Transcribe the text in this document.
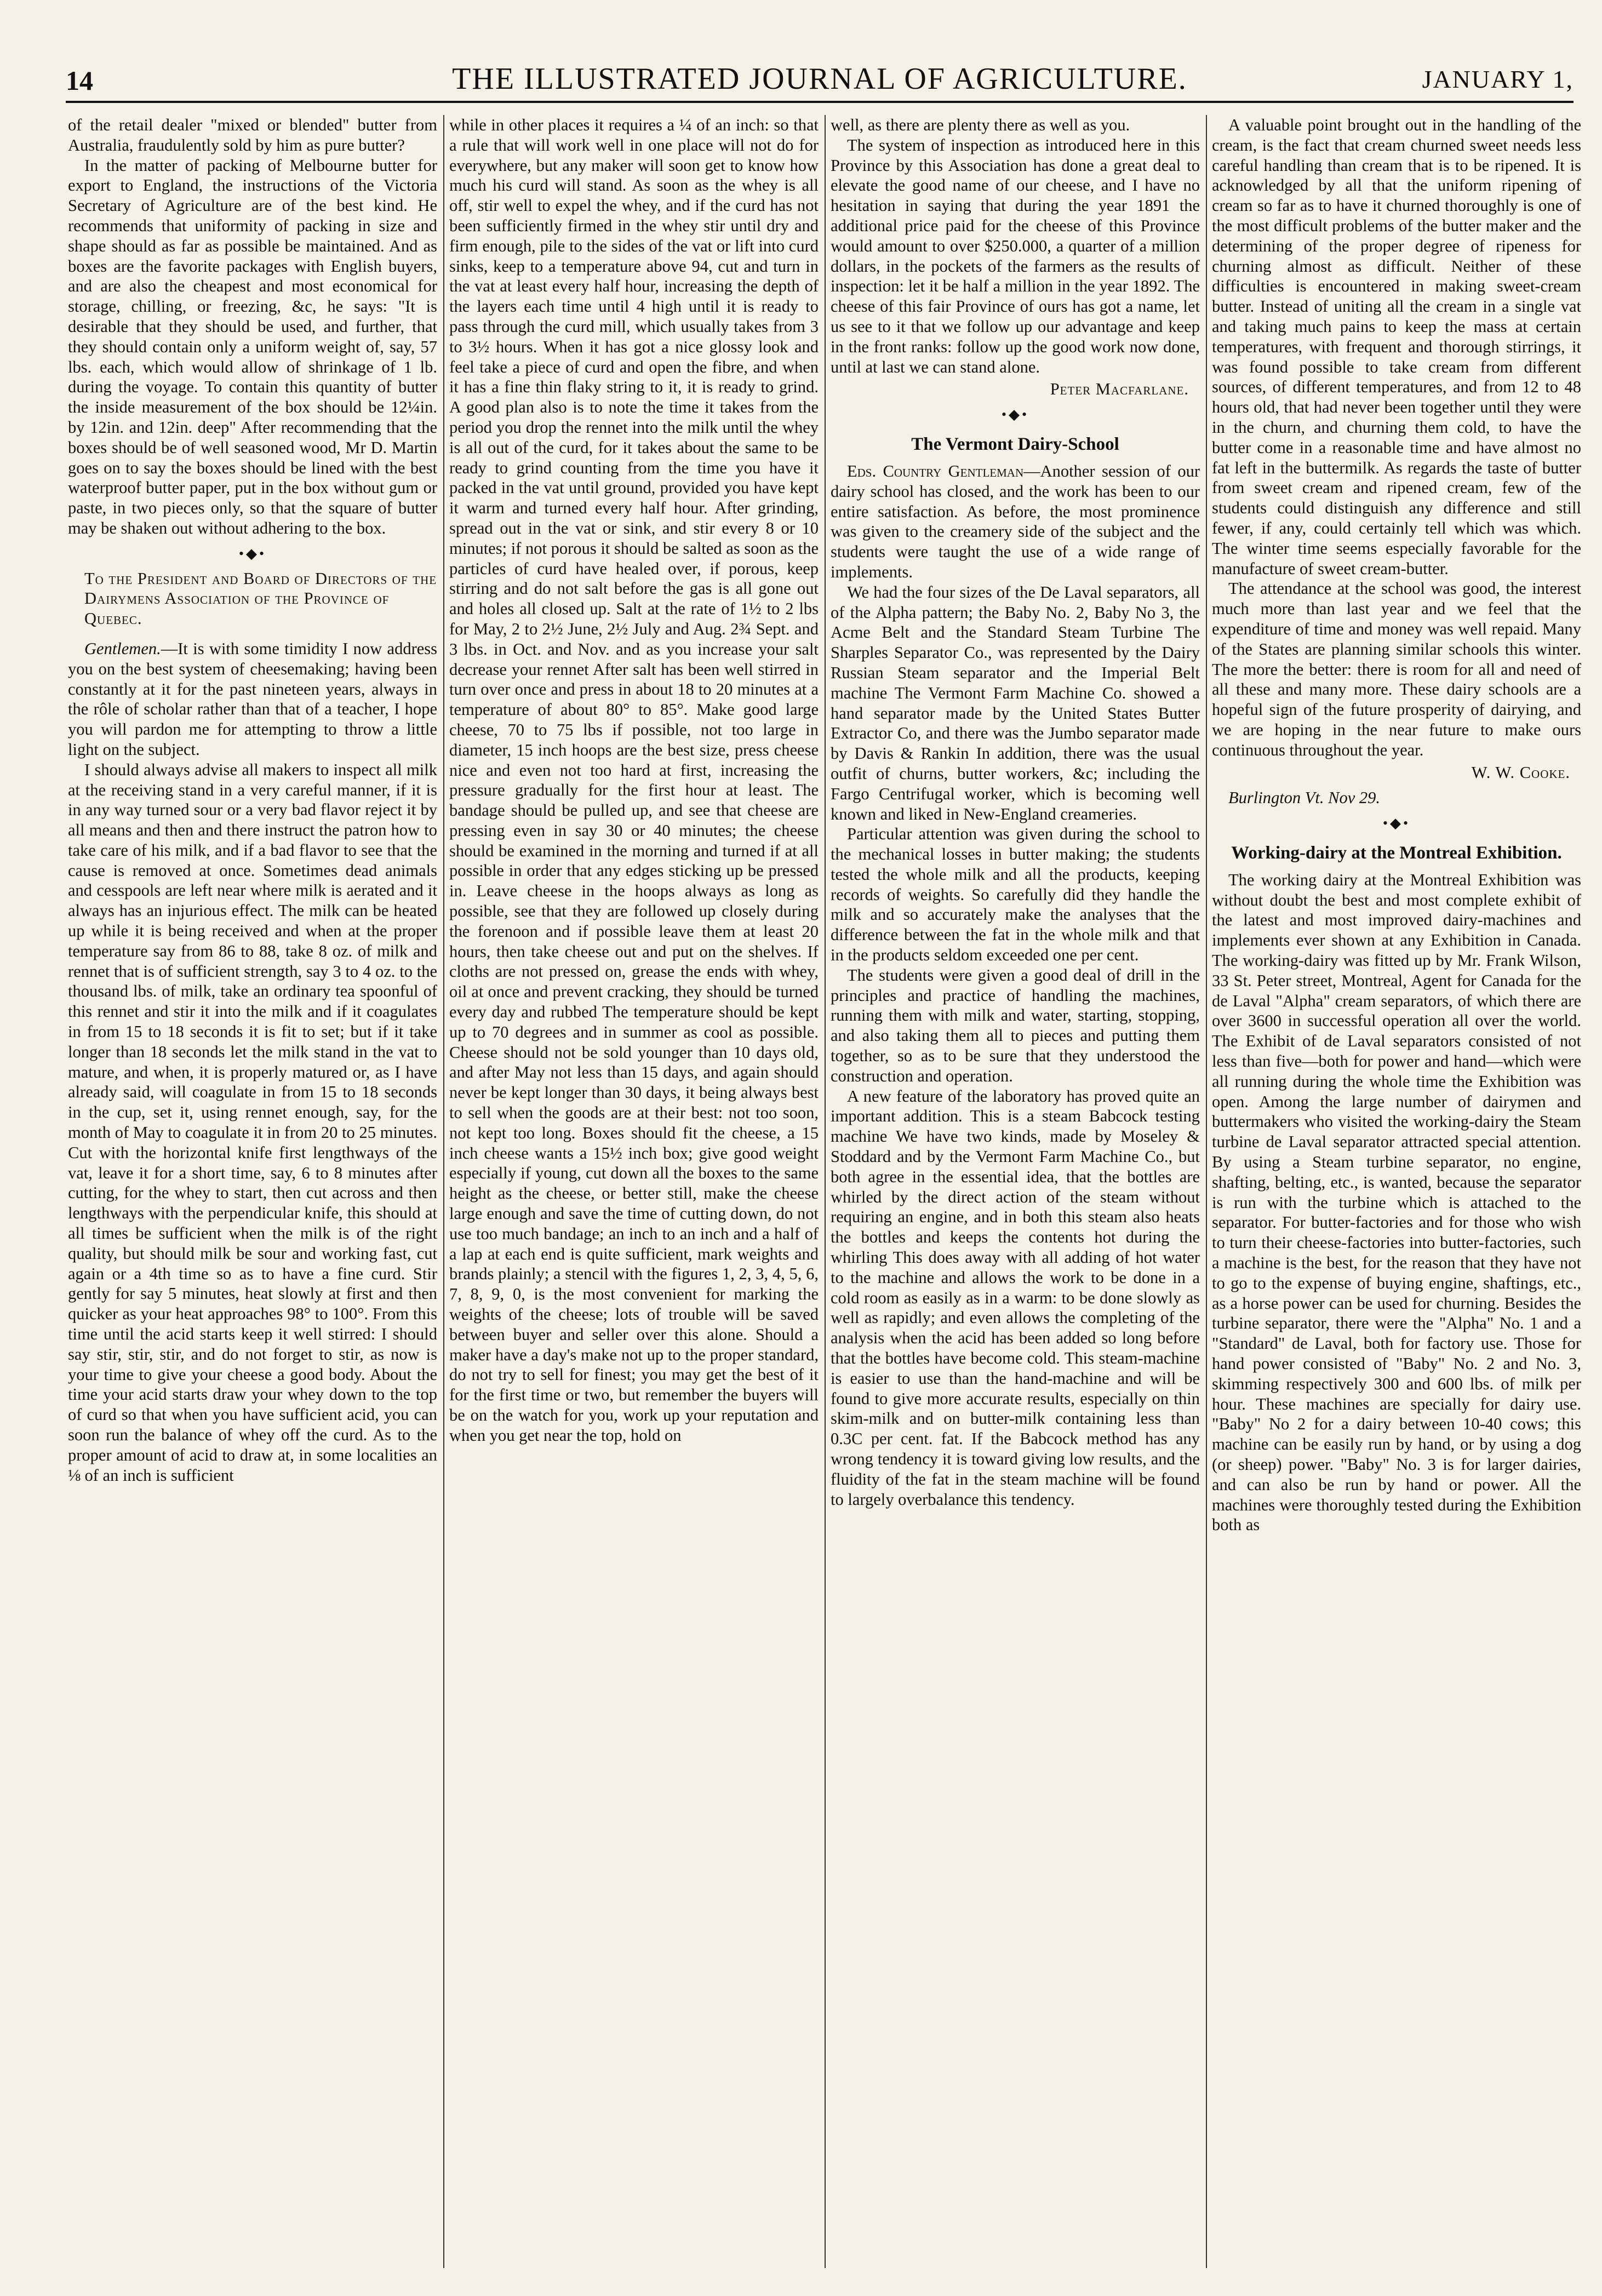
14	THE ILLUSTRATED JOURNAL OF AGRICULTURE.	JANUARY 1,

of the retail dealer "mixed or blended" butter from Australia, fraudulently sold by him as pure butter?

In the matter of packing of Melbourne butter for export to England, the instructions of the Victoria Secretary of Agriculture are of the best kind. He recommends that uniformity of packing in size and shape should as far as possible be maintained. And as boxes are the favorite packages with English buyers, and are also the cheapest and most economical for storage, chilling, or freezing, &c, he says: "It is desirable that they should be used, and further, that they should contain only a uniform weight of, say, 57 lbs. each, which would allow of shrinkage of 1 lb. during the voyage. To contain this quantity of butter the inside measurement of the box should be 12¼in. by 12in. and 12in. deep" After recommending that the boxes should be of well seasoned wood, Mr D. Martin goes on to say the boxes should be lined with the best waterproof butter paper, put in the box without gum or paste, in two pieces only, so that the square of butter may be shaken out without adhering to the box.

•◆•

To the President and Board of Directors of the Dairymens Association of the Province of Quebec.

Gentlemen.—It is with some timidity I now address you on the best system of cheesemaking; having been constantly at it for the past nineteen years, always in the rôle of scholar rather than that of a teacher, I hope you will pardon me for attempting to throw a little light on the subject.

I should always advise all makers to inspect all milk at the receiving stand in a very careful manner, if it is in any way turned sour or a very bad flavor reject it by all means and then and there instruct the patron how to take care of his milk, and if a bad flavor to see that the cause is removed at once. Sometimes dead animals and cesspools are left near where milk is aerated and it always has an injurious effect. The milk can be heated up while it is being received and when at the proper temperature say from 86 to 88, take 8 oz. of milk and rennet that is of sufficient strength, say 3 to 4 oz. to the thousand lbs. of milk, take an ordinary tea spoonful of this rennet and stir it into the milk and if it coagulates in from 15 to 18 seconds it is fit to set; but if it take longer than 18 seconds let the milk stand in the vat to mature, and when, it is properly matured or, as I have already said, will coagulate in from 15 to 18 seconds in the cup, set it, using rennet enough, say, for the month of May to coagulate it in from 20 to 25 minutes. Cut with the horizontal knife first lengthways of the vat, leave it for a short time, say, 6 to 8 minutes after cutting, for the whey to start, then cut across and then lengthways with the perpendicular knife, this should at all times be sufficient when the milk is of the right quality, but should milk be sour and working fast, cut again or a 4th time so as to have a fine curd. Stir gently for say 5 minutes, heat slowly at first and then quicker as your heat approaches 98° to 100°. From this time until the acid starts keep it well stirred: I should say stir, stir, stir, and do not forget to stir, as now is your time to give your cheese a good body. About the time your acid starts draw your whey down to the top of curd so that when you have sufficient acid, you can soon run the balance of whey off the curd. As to the proper amount of acid to draw at, in some localities an ⅛ of an inch is sufficient

while in other places it requires a ¼ of an inch: so that a rule that will work well in one place will not do for everywhere, but any maker will soon get to know how much his curd will stand. As soon as the whey is all off, stir well to expel the whey, and if the curd has not been sufficiently firmed in the whey stir until dry and firm enough, pile to the sides of the vat or lift into curd sinks, keep to a temperature above 94, cut and turn in the vat at least every half hour, increasing the depth of the layers each time until 4 high until it is ready to pass through the curd mill, which usually takes from 3 to 3½ hours. When it has got a nice glossy look and feel take a piece of curd and open the fibre, and when it has a fine thin flaky string to it, it is ready to grind. A good plan also is to note the time it takes from the period you drop the rennet into the milk until the whey is all out of the curd, for it takes about the same to be ready to grind counting from the time you have it packed in the vat until ground, provided you have kept it warm and turned every half hour. After grinding, spread out in the vat or sink, and stir every 8 or 10 minutes; if not porous it should be salted as soon as the particles of curd have healed over, if porous, keep stirring and do not salt before the gas is all gone out and holes all closed up. Salt at the rate of 1½ to 2 lbs for May, 2 to 2½ June, 2½ July and Aug. 2¾ Sept. and 3 lbs. in Oct. and Nov. and as you increase your salt decrease your rennet After salt has been well stirred in turn over once and press in about 18 to 20 minutes at a temperature of about 80° to 85°. Make good large cheese, 70 to 75 lbs if possible, not too large in diameter, 15 inch hoops are the best size, press cheese nice and even not too hard at first, increasing the pressure gradually for the first hour at least. The bandage should be pulled up, and see that cheese are pressing even in say 30 or 40 minutes; the cheese should be examined in the morning and turned if at all possible in order that any edges sticking up be pressed in. Leave cheese in the hoops always as long as possible, see that they are followed up closely during the forenoon and if possible leave them at least 20 hours, then take cheese out and put on the shelves. If cloths are not pressed on, grease the ends with whey, oil at once and prevent cracking, they should be turned every day and rubbed The temperature should be kept up to 70 degrees and in summer as cool as possible. Cheese should not be sold younger than 10 days old, and after May not less than 15 days, and again should never be kept longer than 30 days, it being always best to sell when the goods are at their best: not too soon, not kept too long. Boxes should fit the cheese, a 15 inch cheese wants a 15½ inch box; give good weight especially if young, cut down all the boxes to the same height as the cheese, or better still, make the cheese large enough and save the time of cutting down, do not use too much bandage; an inch to an inch and a half of a lap at each end is quite sufficient, mark weights and brands plainly; a stencil with the figures 1, 2, 3, 4, 5, 6, 7, 8, 9, 0, is the most convenient for marking the weights of the cheese; lots of trouble will be saved between buyer and seller over this alone. Should a maker have a day's make not up to the proper standard, do not try to sell for finest; you may get the best of it for the first time or two, but remember the buyers will be on the watch for you, work up your reputation and when you get near the top, hold on

well, as there are plenty there as well as you.

The system of inspection as introduced here in this Province by this Association has done a great deal to elevate the good name of our cheese, and I have no hesitation in saying that during the year 1891 the additional price paid for the cheese of this Province would amount to over $250.000, a quarter of a million dollars, in the pockets of the farmers as the results of inspection: let it be half a million in the year 1892. The cheese of this fair Province of ours has got a name, let us see to it that we follow up our advantage and keep in the front ranks: follow up the good work now done, until at last we can stand alone.

Peter Macfarlane.
•◆•
The Vermont Dairy-School

Eds. Country Gentleman—Another session of our dairy school has closed, and the work has been to our entire satisfaction. As before, the most prominence was given to the creamery side of the subject and the students were taught the use of a wide range of implements.

We had the four sizes of the De Laval separators, all of the Alpha pattern; the Baby No. 2, Baby No 3, the Acme Belt and the Standard Steam Turbine The Sharples Separator Co., was represented by the Dairy Russian Steam separator and the Imperial Belt machine The Vermont Farm Machine Co. showed a hand separator made by the United States Butter Extractor Co, and there was the Jumbo separator made by Davis & Rankin In addition, there was the usual outfit of churns, butter workers, &c; including the Fargo Centrifugal worker, which is becoming well known and liked in New-England creameries.

Particular attention was given during the school to the mechanical losses in butter making; the students tested the whole milk and all the products, keeping records of weights. So carefully did they handle the milk and so accurately make the analyses that the difference between the fat in the whole milk and that in the products seldom exceeded one per cent.

The students were given a good deal of drill in the principles and practice of handling the machines, running them with milk and water, starting, stopping, and also taking them all to pieces and putting them together, so as to be sure that they understood the construction and operation.

A new feature of the laboratory has proved quite an important addition. This is a steam Babcock testing machine We have two kinds, made by Moseley & Stoddard and by the Vermont Farm Machine Co., but both agree in the essential idea, that the bottles are whirled by the direct action of the steam without requiring an engine, and in both this steam also heats the bottles and keeps the contents hot during the whirling This does away with all adding of hot water to the machine and allows the work to be done in a cold room as easily as in a warm: to be done slowly as well as rapidly; and even allows the completing of the analysis when the acid has been added so long before that the bottles have become cold. This steam-machine is easier to use than the hand-machine and will be found to give more accurate results, especially on thin skim-milk and on butter-milk containing less than 0.3C per cent. fat. If the Babcock method has any wrong tendency it is toward giving low results, and the fluidity of the fat in the steam machine will be found to largely overbalance this tendency.

A valuable point brought out in the handling of the cream, is the fact that cream churned sweet needs less careful handling than cream that is to be ripened. It is acknowledged by all that the uniform ripening of cream so far as to have it churned thoroughly is one of the most difficult problems of the butter maker and the determining of the proper degree of ripeness for churning almost as difficult. Neither of these difficulties is encountered in making sweet-cream butter. Instead of uniting all the cream in a single vat and taking much pains to keep the mass at certain temperatures, with frequent and thorough stirrings, it was found possible to take cream from different sources, of different temperatures, and from 12 to 48 hours old, that had never been together until they were in the churn, and churning them cold, to have the butter come in a reasonable time and have almost no fat left in the buttermilk. As regards the taste of butter from sweet cream and ripened cream, few of the students could distinguish any difference and still fewer, if any, could certainly tell which was which. The winter time seems especially favorable for the manufacture of sweet cream-butter.

The attendance at the school was good, the interest much more than last year and we feel that the expenditure of time and money was well repaid. Many of the States are planning similar schools this winter. The more the better: there is room for all and need of all these and many more. These dairy schools are a hopeful sign of the future prosperity of dairying, and we are hoping in the near future to make ours continuous throughout the year.

W. W. Cooke.
Burlington Vt. Nov 29.
•◆•
Working-dairy at the Montreal Exhibition.

The working dairy at the Montreal Exhibition was without doubt the best and most complete exhibit of the latest and most improved dairy-machines and implements ever shown at any Exhibition in Canada. The working-dairy was fitted up by Mr. Frank Wilson, 33 St. Peter street, Montreal, Agent for Canada for the de Laval "Alpha" cream separators, of which there are over 3600 in successful operation all over the world. The Exhibit of de Laval separators consisted of not less than five—both for power and hand—which were all running during the whole time the Exhibition was open. Among the large number of dairymen and buttermakers who visited the working-dairy the Steam turbine de Laval separator attracted special attention. By using a Steam turbine separator, no engine, shafting, belting, etc., is wanted, because the separator is run with the turbine which is attached to the separator. For butter-factories and for those who wish to turn their cheese-factories into butter-factories, such a machine is the best, for the reason that they have not to go to the expense of buying engine, shaftings, etc., as a horse power can be used for churning. Besides the turbine separator, there were the "Alpha" No. 1 and a "Standard" de Laval, both for factory use. Those for hand power consisted of "Baby" No. 2 and No. 3, skimming respectively 300 and 600 lbs. of milk per hour. These machines are specially for dairy use. "Baby" No 2 for a dairy between 10-40 cows; this machine can be easily run by hand, or by using a dog (or sheep) power. "Baby" No. 3 is for larger dairies, and can also be run by hand or power. All the machines were thoroughly tested during the Exhibition both as
